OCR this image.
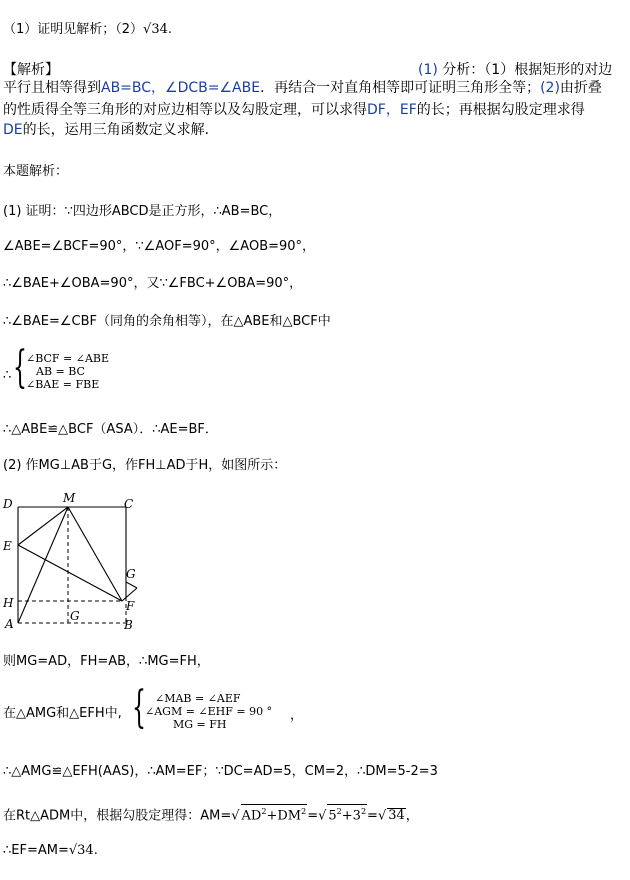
（1）证明见解析；（2）√34.
【解析】	(1) 分析：（1）根据矩形的对边
平行且相等得到AB=BC，∠DCB=∠ABE．再结合一对直角相等即可证明三角形全等；(2)由折叠
的性质得全等三角形的对应边相等以及勾股定理，可以求得DF，EF的长；再根据勾股定理求得
DE的长，运用三角函数定义求解．
本题解析：
(1) 证明：∵四边形ABCD是正方形，∴AB=BC，
∠ABE=∠BCF=90°，∵∠AOF=90°，∠AOB=90°，
∴∠BAE+∠OBA=90°，又∵∠FBC+∠OBA=90°，
∴∠BAE=∠CBF（同角的余角相等），在△ABE和△BCF中
∴ { ∠BCF = ∠ABE
AB = BC
∠BAE = FBE
∴△ABE≌△BCF（ASA）．∴AE=BF．
(2) 作MG⊥AB于G，作FH⊥AD于H，如图所示：
D	M	C
E
G
H	F
A
G
B
则MG=AD，FH=AB，∴MG=FH，
在△AMG和△EFH中, { ∠MAB = ∠AEF
∠AGM = ∠EHF = 90 °
MG = FH
，
∴△AMG≌△EFH(AAS)，∴AM=EF；∵DC=AD=5，CM=2，∴DM=5-2=3
在Rt△ADM中，根据勾股定理得：AM=√ $AD^2+DM^2=√$ $5^2+3^2=√$ 34，
∴EF=AM=√34.
